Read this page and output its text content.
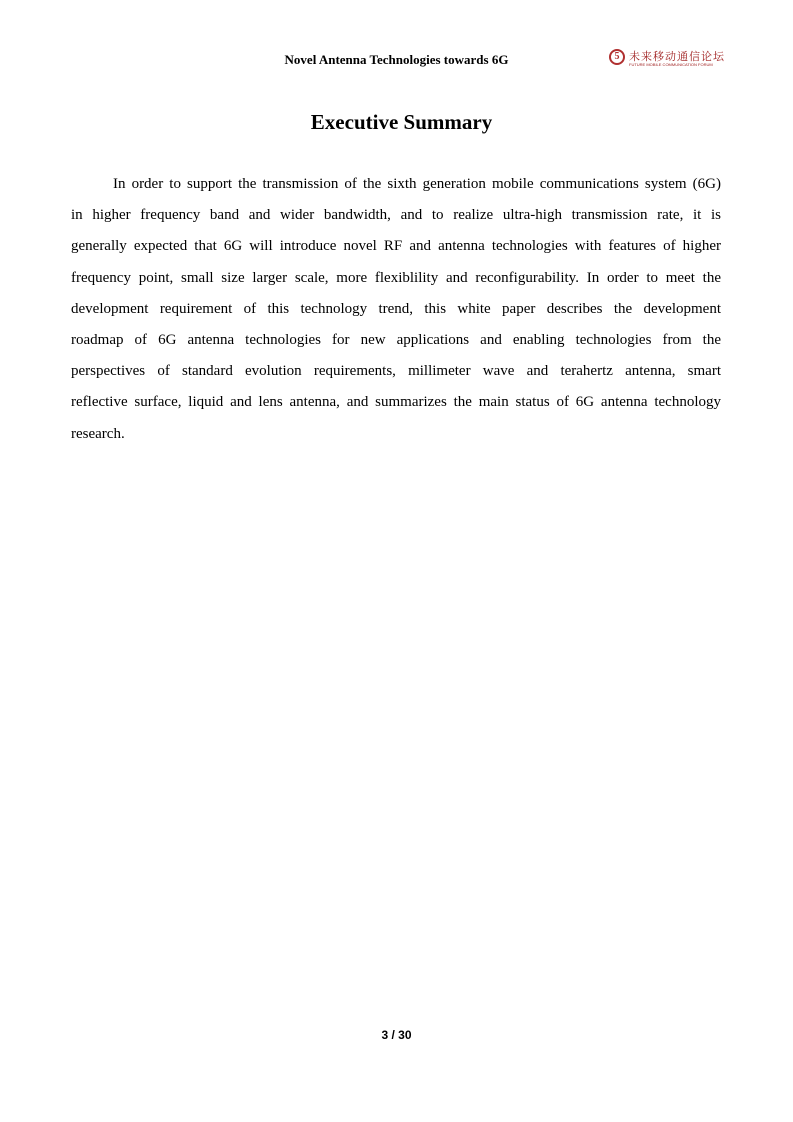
Novel Antenna Technologies towards 6G	5 未来移动通信论坛
FUTURE MOBILE COMMUNICATION FORUM
Executive Summary
In order to support the transmission of the sixth generation mobile communications system (6G)
in higher frequency band and wider bandwidth, and to realize ultra-high transmission rate, it is
generally expected that 6G will introduce novel RF and antenna technologies with features of higher
frequency point, small size larger scale, more flexiblility and reconfigurability. In order to meet the
development requirement of this technology trend, this white paper describes the development
roadmap of 6G antenna technologies for new applications and enabling technologies from the
perspectives of standard evolution requirements, millimeter wave and terahertz antenna, smart
reflective surface, liquid and lens antenna, and summarizes the main status of 6G antenna technology
research.
3 / 30
